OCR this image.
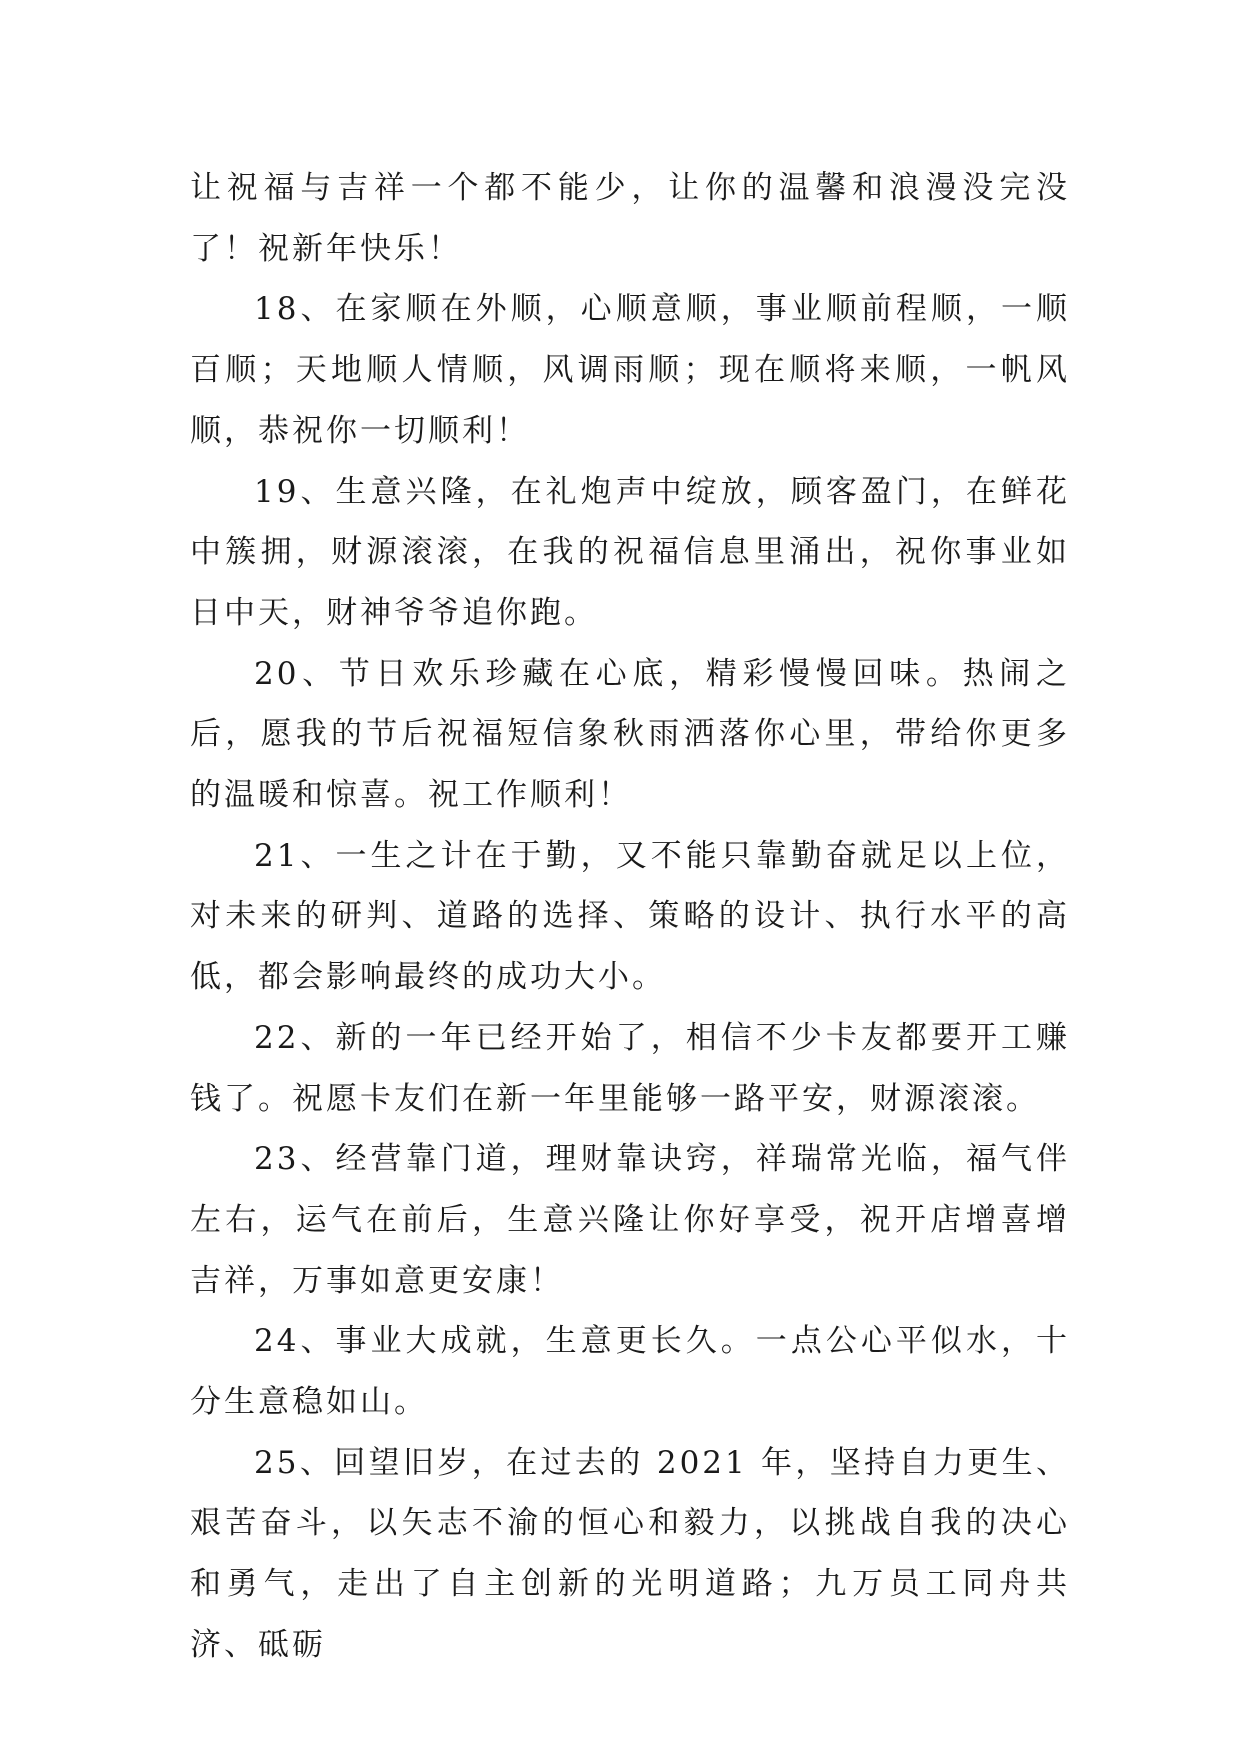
让祝福与吉祥一个都不能少，让你的温馨和浪漫没完没了！祝新年快乐！

18、在家顺在外顺，心顺意顺，事业顺前程顺，一顺百顺；天地顺人情顺，风调雨顺；现在顺将来顺，一帆风顺，恭祝你一切顺利！

19、生意兴隆，在礼炮声中绽放，顾客盈门，在鲜花中簇拥，财源滚滚，在我的祝福信息里涌出，祝你事业如日中天，财神爷爷追你跑。

20、节日欢乐珍藏在心底，精彩慢慢回味。热闹之后，愿我的节后祝福短信象秋雨洒落你心里，带给你更多的温暖和惊喜。祝工作顺利！

21、一生之计在于勤，又不能只靠勤奋就足以上位，对未来的研判、道路的选择、策略的设计、执行水平的高低，都会影响最终的成功大小。

22、新的一年已经开始了，相信不少卡友都要开工赚钱了。祝愿卡友们在新一年里能够一路平安，财源滚滚。

23、经营靠门道，理财靠诀窍，祥瑞常光临，福气伴左右，运气在前后，生意兴隆让你好享受，祝开店增喜增吉祥，万事如意更安康！

24、事业大成就，生意更长久。一点公心平似水，十分生意稳如山。

25、回望旧岁，在过去的 2021 年，坚持自力更生、艰苦奋斗，以矢志不渝的恒心和毅力，以挑战自我的决心和勇气，走出了自主创新的光明道路；九万员工同舟共济、砥砺
